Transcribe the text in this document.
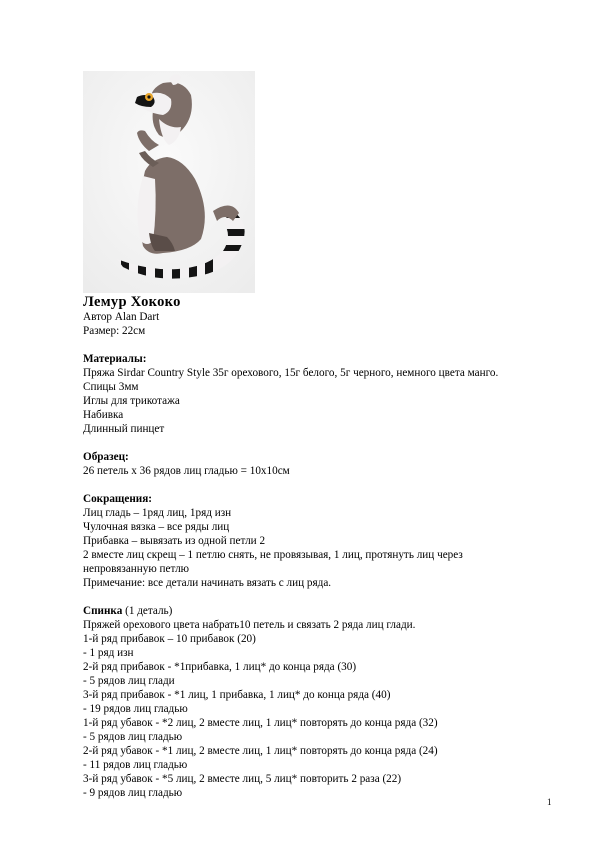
Лемур Хококо
Автор Alan Dart
Размер: 22см
Материалы:
Пряжа Sirdar Country Style 35г орехового, 15г белого, 5г черного, немного цвета манго.
Спицы 3мм
Иглы для трикотажа
Набивка
Длинный пинцет
Образец:
26 петель х 36 рядов лиц гладью = 10х10см
Сокращения:
Лиц гладь – 1ряд лиц, 1ряд изн
Чулочная вязка – все ряды лиц
Прибавка – вывязать из одной петли 2
2 вместе лиц скрещ – 1 петлю снять, не провязывая, 1 лиц, протянуть лиц через непровязанную петлю
Примечание: все детали начинать вязать с лиц ряда.
Спинка (1 деталь)
Пряжей орехового цвета набрать10 петель и связать 2 ряда лиц глади.
1-й ряд прибавок – 10 прибавок (20)
- 1 ряд изн
2-й ряд прибавок - *1прибавка, 1 лиц* до конца ряда (30)
- 5 рядов лиц глади
3-й ряд прибавок - *1 лиц, 1 прибавка, 1 лиц* до конца ряда (40)
- 19 рядов лиц гладью
1-й ряд убавок - *2 лиц, 2 вместе лиц, 1 лиц* повторять до конца ряда (32)
- 5 рядов лиц гладью
2-й ряд убавок - *1 лиц, 2 вместе лиц, 1 лиц* повторять до конца ряда (24)
- 11 рядов лиц гладью
3-й ряд убавок - *5 лиц, 2 вместе лиц, 5 лиц* повторить 2 раза (22)
- 9 рядов лиц гладью
1
